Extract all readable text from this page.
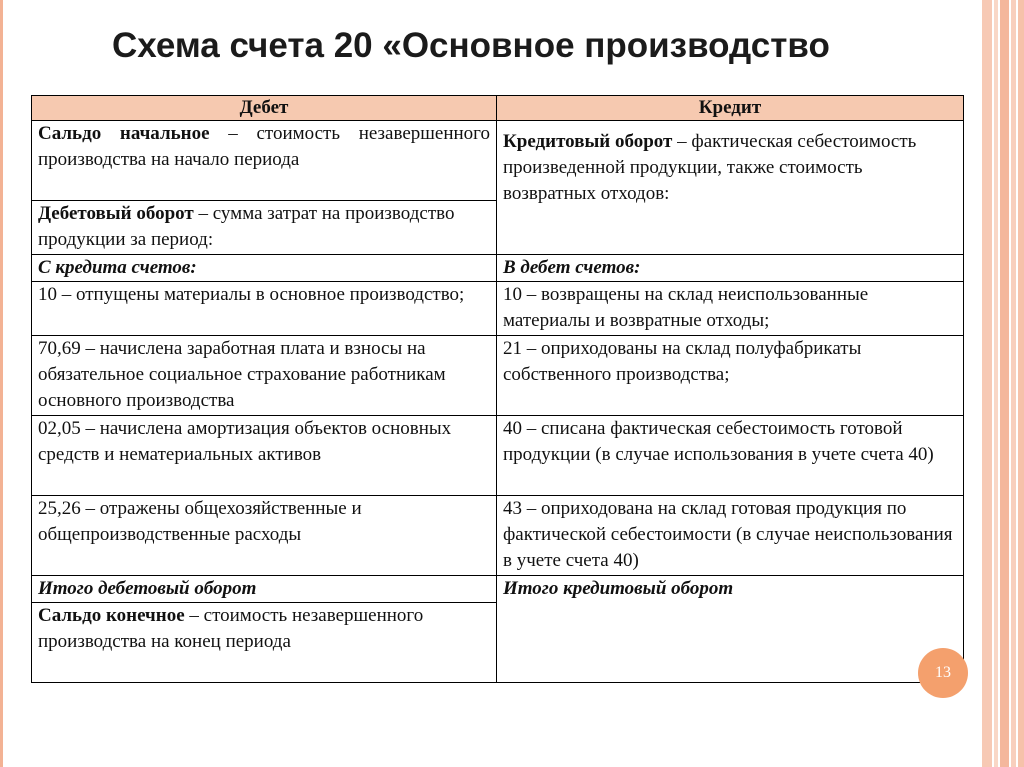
Схема счета 20 «Основное производство
Дебет	Кредит
Сальдо начальное – стоимость незавершенного производства на начало периода	Кредитовый оборот – фактическая себестоимость произведенной продукции, также стоимость возвратных отходов:
Дебетовый оборот – сумма затрат на производство продукции за период:	
С кредита счетов:	В дебет счетов:
10 – отпущены материалы в основное производство;	10 – возвращены на склад неиспользованные материалы и возвратные отходы;
70,69 – начислена заработная плата и взносы на обязательное социальное страхование работникам основного производства	21 – оприходованы на склад полуфабрикаты собственного производства;
02,05 – начислена амортизация объектов основных средств и нематериальных активов	40 – списана фактическая себестоимость готовой продукции (в случае использования в учете счета 40)
25,26 – отражены общехозяйственные и общепроизводственные расходы	43 – оприходована на склад готовая продукция по фактической себестоимости (в случае неиспользования в учете счета 40)
Итого дебетовый оборот	Итого кредитовый оборот
Сальдо конечное – стоимость незавершенного производства на конец периода	
13
